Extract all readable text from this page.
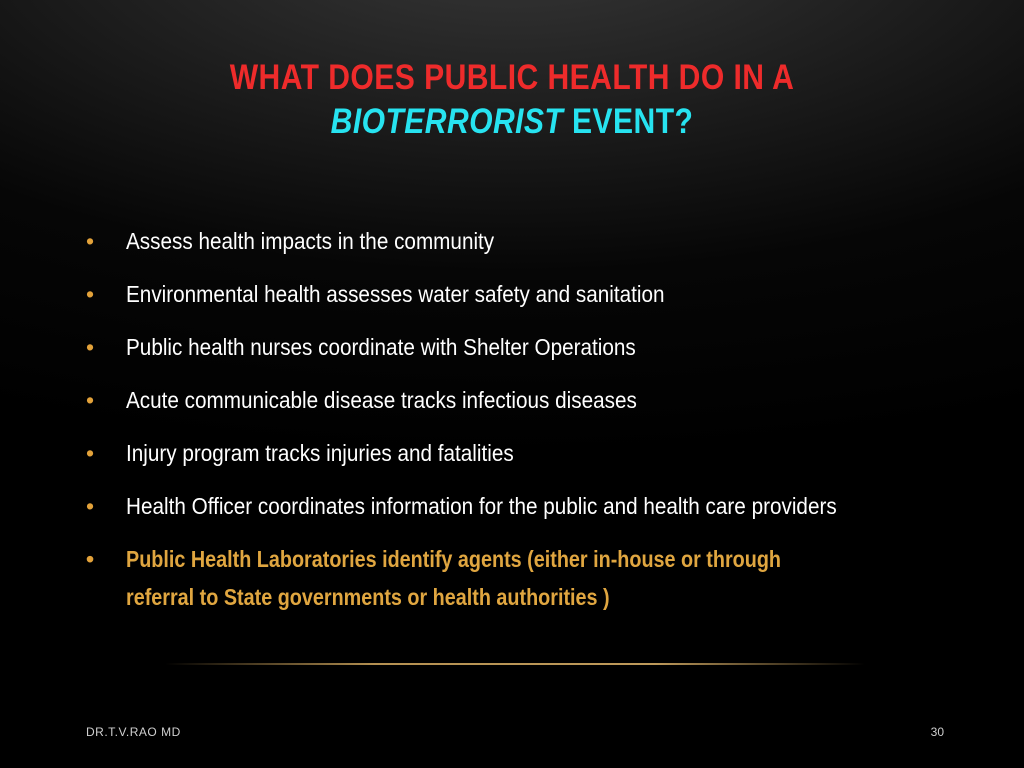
WHAT DOES PUBLIC HEALTH DO IN A
BIOTERRORIST EVENT?
•	Assess health impacts in the community
•	Environmental health assesses water safety and sanitation
•	Public health nurses coordinate with Shelter Operations
•	Acute communicable disease tracks infectious diseases
•	Injury program tracks injuries and fatalities
•	Health Officer coordinates information for the public and health care providers
•	Public Health Laboratories identify agents (either in-house or through referral to State governments or health authorities )
DR.T.V.RAO MD	30
